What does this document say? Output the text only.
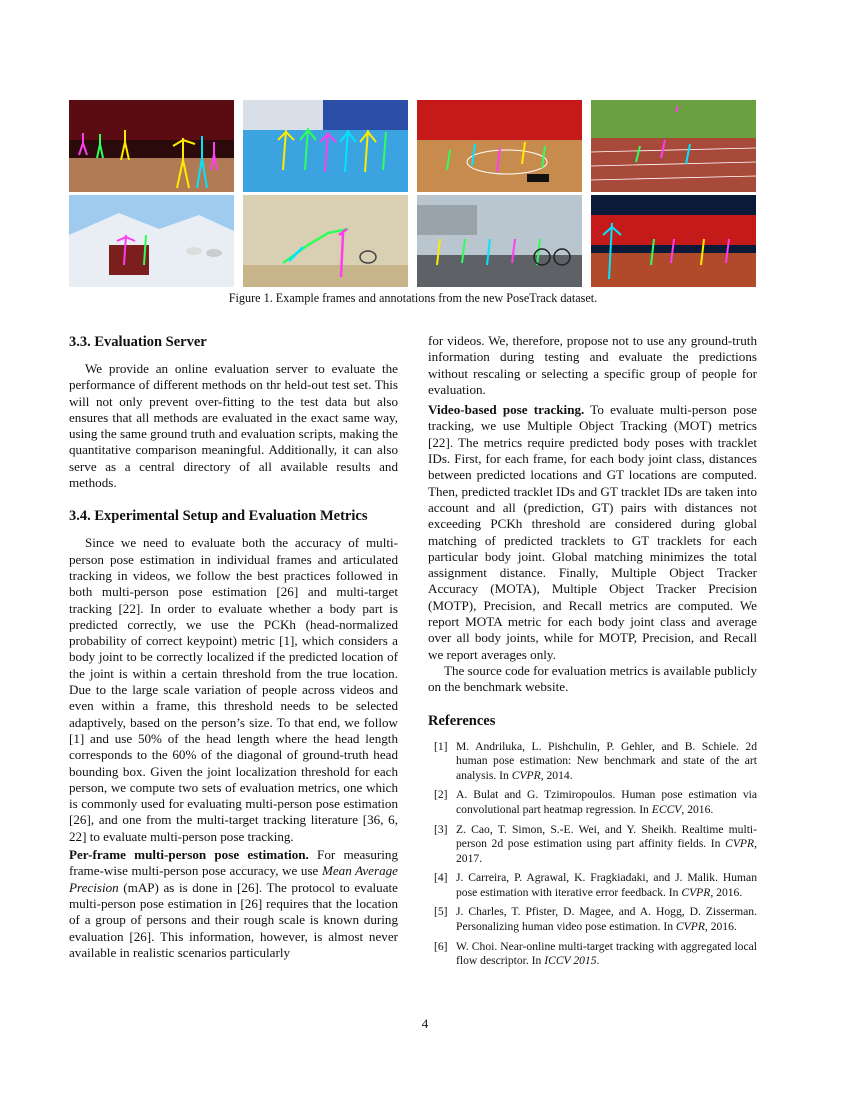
Figure 1. Example frames and annotations from the new PoseTrack dataset.
3.3. Evaluation Server

We provide an online evaluation server to evaluate the performance of different methods on thr held-out test set. This will not only prevent over-fitting to the test data but also ensures that all methods are evaluated in the exact same way, using the same ground truth and evaluation scripts, making the quantitative comparison meaningful. Additionally, it can also serve as a central directory of all available results and methods.

3.4. Experimental Setup and Evaluation Metrics

Since we need to evaluate both the accuracy of multi-person pose estimation in individual frames and articulated tracking in videos, we follow the best practices followed in both multi-person pose estimation [26] and multi-target tracking [22]. In order to evaluate whether a body part is predicted correctly, we use the PCKh (head-normalized probability of correct keypoint) metric [1], which considers a body joint to be correctly localized if the predicted location of the joint is within a certain threshold from the true location. Due to the large scale variation of people across videos and even within a frame, this threshold needs to be selected adaptively, based on the person’s size. To that end, we follow [1] and use 50% of the head length where the head length corresponds to the 60% of the diagonal of ground-truth head bounding box. Given the joint localization threshold for each person, we compute two sets of evaluation metrics, one which is commonly used for evaluating multi-person pose estimation [26], and one from the multi-target tracking literature [36, 6, 22] to evaluate multi-person pose tracking.

Per-frame multi-person pose estimation. For measuring frame-wise multi-person pose accuracy, we use Mean Average Precision (mAP) as is done in [26]. The protocol to evaluate multi-person pose estimation in [26] requires that the location of a group of persons and their rough scale is known during evaluation [26]. This information, however, is almost never available in realistic scenarios particularly

for videos. We, therefore, propose not to use any ground-truth information during testing and evaluate the predictions without rescaling or selecting a specific group of people for evaluation.

Video-based pose tracking. To evaluate multi-person pose tracking, we use Multiple Object Tracking (MOT) metrics [22]. The metrics require predicted body poses with tracklet IDs. First, for each frame, for each body joint class, distances between predicted locations and GT locations are computed. Then, predicted tracklet IDs and GT tracklet IDs are taken into account and all (prediction, GT) pairs with distances not exceeding PCKh threshold are considered during global matching of predicted tracklets to GT tracklets for each particular body joint. Global matching minimizes the total assignment distance. Finally, Multiple Object Tracker Accuracy (MOTA), Multiple Object Tracker Precision (MOTP), Precision, and Recall metrics are computed. We report MOTA metric for each body joint class and average over all body joints, while for MOTP, Precision, and Recall we report averages only.

The source code for evaluation metrics is available publicly on the benchmark website.

References
[1] M. Andriluka, L. Pishchulin, P. Gehler, and B. Schiele. 2d human pose estimation: New benchmark and state of the art analysis. In CVPR, 2014.
[2] A. Bulat and G. Tzimiropoulos. Human pose estimation via convolutional part heatmap regression. In ECCV, 2016.
[3] Z. Cao, T. Simon, S.-E. Wei, and Y. Sheikh. Realtime multi-person 2d pose estimation using part affinity fields. In CVPR, 2017.
[4] J. Carreira, P. Agrawal, K. Fragkiadaki, and J. Malik. Human pose estimation with iterative error feedback. In CVPR, 2016.
[5] J. Charles, T. Pfister, D. Magee, and A. Hogg, D. Zisserman. Personalizing human video pose estimation. In CVPR, 2016.
[6] W. Choi. Near-online multi-target tracking with aggregated local flow descriptor. In ICCV 2015.
4
